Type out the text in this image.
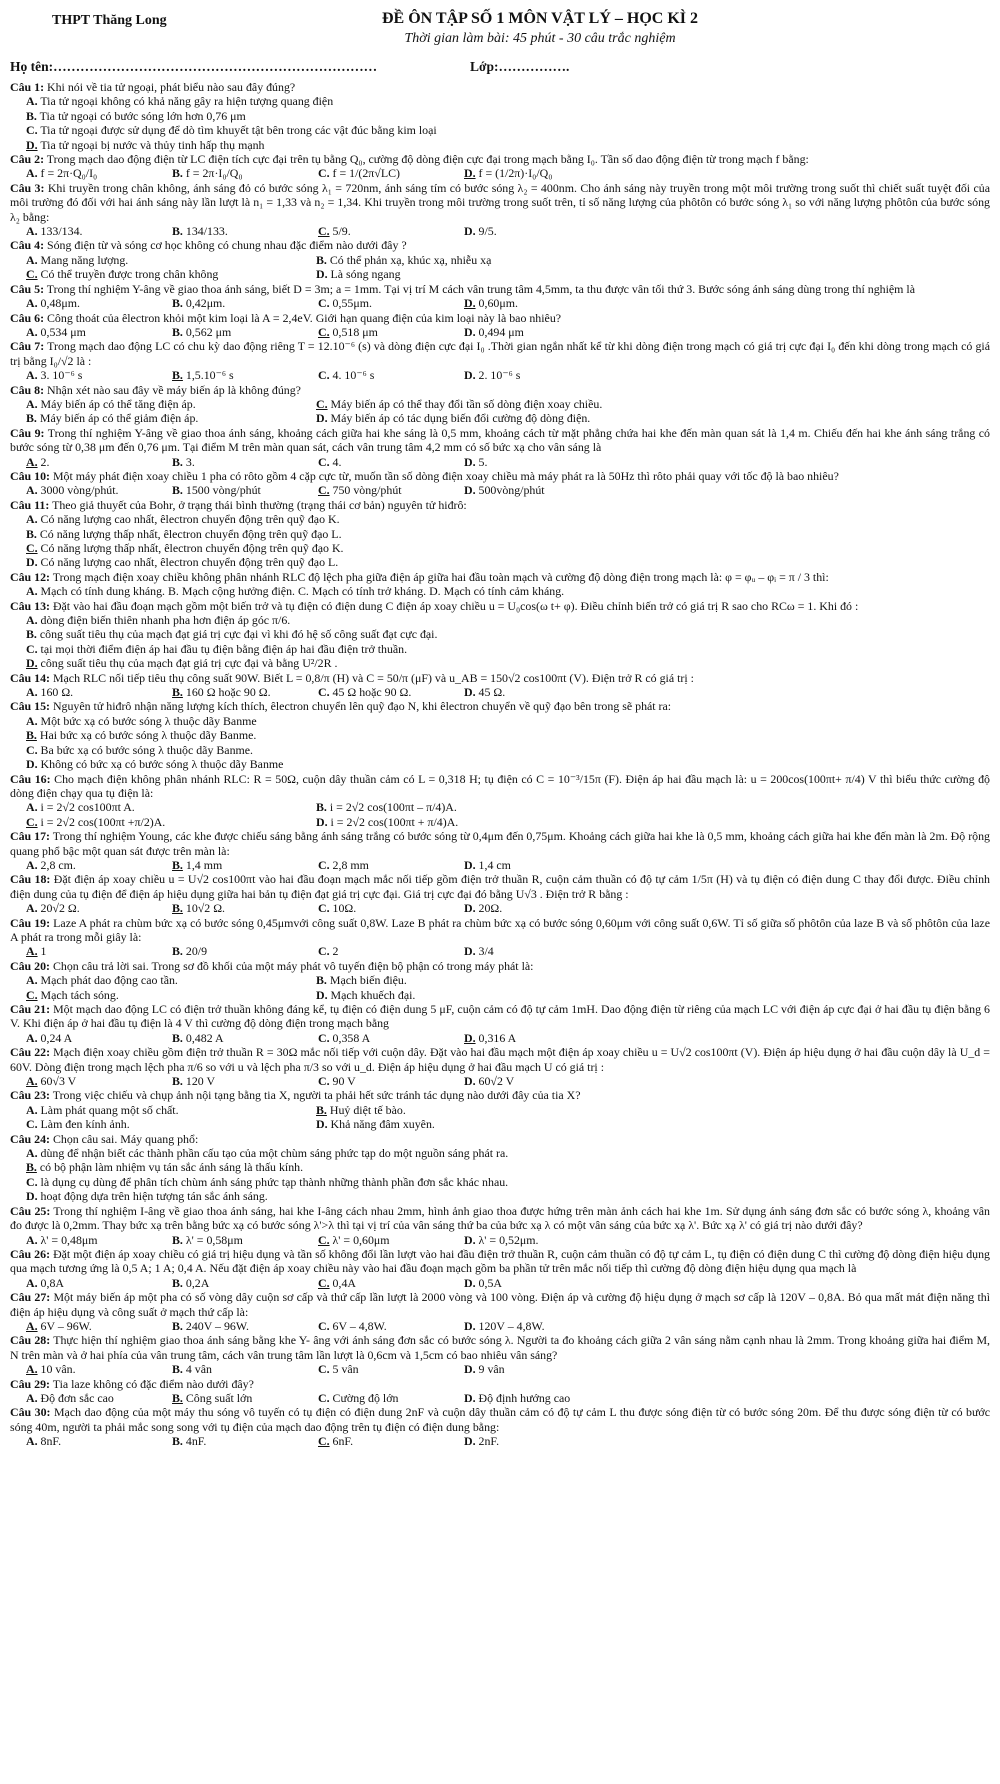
THPT Thăng Long	ĐỀ ÔN TẬP SỐ 1 MÔN VẬT LÝ – HỌC KÌ 2
Thời gian làm bài: 45 phút - 30 câu trắc nghiệm
Họ tên:………………………………………………………………	Lớp:…………….
Câu 1: Khi nói về tia tử ngoại, phát biểu nào sau đây đúng?
A. Tia tử ngoại không có khả năng gây ra hiện tượng quang điện
B. Tia tử ngoại có bước sóng lớn hơn 0,76 μm
C. Tia tử ngoại được sử dụng để dò tìm khuyết tật bên trong các vật đúc bằng kim loại
D. Tia tử ngoại bị nước và thủy tinh hấp thụ mạnh
Câu 2: Trong mạch dao động điện từ LC điện tích cực đại trên tụ bằng Q₀, cường độ dòng điện cực đại trong mạch bằng I₀. Tần số dao động điện từ trong mạch f bằng:
A. f = 2π·Q₀/I₀	B. f = 2π·I₀/Q₀	C. f = 1/(2π√LC)	D. f = (1/2π)·I₀/Q₀
Câu 3: Khi truyền trong chân không, ánh sáng đỏ có bước sóng λ₁ = 720nm, ánh sáng tím có bước sóng λ₂ = 400nm. Cho ánh sáng này truyền trong một môi trường trong suốt thì chiết suất tuyệt đối của môi trường đó đối với hai ánh sáng này lần lượt là n₁ = 1,33 và n₂ = 1,34. Khi truyền trong môi trường trong suốt trên, tỉ số năng lượng của phôtôn có bước sóng λ₁ so với năng lượng phôtôn của bước sóng λ₂ bằng:
A. 133/134.	B. 134/133.	C. 5/9.	D. 9/5.
Câu 4: Sóng điện từ và sóng cơ học không có chung nhau đặc điểm nào dưới đây ?
A. Mang năng lượng.	B. Có thể phản xạ, khúc xạ, nhiễu xạ
C. Có thể truyền được trong chân không	D. Là sóng ngang
Câu 5: Trong thí nghiệm Y-âng về giao thoa ánh sáng, biết D = 3m; a = 1mm. Tại vị trí M cách vân trung tâm 4,5mm, ta thu được vân tối thứ 3. Bước sóng ánh sáng dùng trong thí nghiệm là
A. 0,48μm.	B. 0,42μm.	C. 0,55μm.	D. 0,60μm.
Câu 6: Công thoát của êlectron khỏi một kim loại là A = 2,4eV. Giới hạn quang điện của kim loại này là bao nhiêu?
A. 0,534 μm	B. 0,562 μm	C. 0,518 μm	D. 0,494 μm
Câu 7: Trong mạch dao động LC có chu kỳ dao động riêng T = 12.10⁻⁶ (s) và dòng điện cực đại I₀ .Thời gian ngắn nhất kể từ khi dòng điện trong mạch có giá trị cực đại I₀ đến khi dòng trong mạch có giá trị bằng I₀/√2 là :
A. 3. 10⁻⁶ s	B. 1,5.10⁻⁶ s	C. 4. 10⁻⁶ s	D. 2. 10⁻⁶ s
Câu 8: Nhận xét nào sau đây về máy biến áp là không đúng?
A. Máy biến áp có thể tăng điện áp.	C. Máy biến áp có thể thay đổi tần số dòng điện xoay chiều.
B. Máy biến áp có thể giảm điện áp.	D. Máy biến áp có tác dụng biến đổi cường độ dòng điện.
Câu 9: Trong thí nghiệm Y-âng về giao thoa ánh sáng, khoảng cách giữa hai khe sáng là 0,5 mm, khoảng cách từ mặt phẳng chứa hai khe đến màn quan sát là 1,4 m. Chiếu đến hai khe ánh sáng trắng có bước sóng từ 0,38 μm đến 0,76 μm. Tại điểm M trên màn quan sát, cách vân trung tâm 4,2 mm có số bức xạ cho vân sáng là
A. 2.	B. 3.	C. 4.	D. 5.
Câu 10: Một máy phát điện xoay chiều 1 pha có rôto gồm 4 cặp cực từ, muốn tần số dòng điện xoay chiều mà máy phát ra là 50Hz thì rôto phải quay với tốc độ là bao nhiêu?
A. 3000 vòng/phút.	B. 1500 vòng/phút	C. 750 vòng/phút	D. 500vòng/phút
Câu 11: Theo giả thuyết của Bohr, ở trạng thái bình thường (trạng thái cơ bản) nguyên tử hiđrô:
A. Có năng lượng cao nhất, êlectron chuyển động trên quỹ đạo K.
B. Có năng lượng thấp nhất, êlectron chuyển động trên quỹ đạo L.
C. Có năng lượng thấp nhất, êlectron chuyển động trên quỹ đạo K.
D. Có năng lượng cao nhất, êlectron chuyển động trên quỹ đạo L.
Câu 12: Trong mạch điện xoay chiều không phân nhánh RLC độ lệch pha giữa điện áp giữa hai đầu toàn mạch và cường độ dòng điện trong mạch là: φ = φᵤ – φᵢ = π / 3 thì:
A. Mạch có tính dung kháng. B. Mạch cộng hưởng điện. C. Mạch có tính trở kháng. D. Mạch có tính cảm kháng.
Câu 13: Đặt vào hai đầu đoạn mạch gồm một biến trở và tụ điện có điện dung C điện áp xoay chiều u = U₀cos(ω t+ φ). Điều chỉnh biến trở có giá trị R sao cho RCω = 1. Khi đó :
A. dòng điện biến thiên nhanh pha hơn điện áp góc π/6.
B. công suất tiêu thụ của mạch đạt giá trị cực đại vì khi đó hệ số công suất đạt cực đại.
C. tại mọi thời điểm điện áp hai đầu tụ điện bằng điện áp hai đầu điện trở thuần.
D. công suất tiêu thụ của mạch đạt giá trị cực đại và bằng U²/2R .
Câu 14: Mạch RLC nối tiếp tiêu thụ công suất 90W. Biết L = 0,8/π (H) và C = 50/π (μF) và u_AB = 150√2 cos100πt (V). Điện trở R có giá trị :
A. 160 Ω.	B. 160 Ω hoặc 90 Ω.	C. 45 Ω hoặc 90 Ω.	D. 45 Ω.
Câu 15: Nguyên tử hiđrô nhận năng lượng kích thích, êlectron chuyển lên quỹ đạo N, khi êlectron chuyển về quỹ đạo bên trong sẽ phát ra:
A. Một bức xạ có bước sóng λ thuộc dãy Banme
B. Hai bức xạ có bước sóng λ thuộc dãy Banme.
C. Ba bức xạ có bước sóng λ thuộc dãy Banme.
D. Không có bức xạ có bước sóng λ thuộc dãy Banme
Câu 16: Cho mạch điện không phân nhánh RLC: R = 50Ω, cuộn dây thuần cảm có L = 0,318 H; tụ điện có C = 10⁻³/15π (F). Điện áp hai đầu mạch là: u = 200cos(100πt+ π/4) V thì biểu thức cường độ dòng điện chạy qua tụ điện là:
A. i = 2√2 cos100πt A.	B. i = 2√2 cos(100πt – π/4)A.
C. i = 2√2 cos(100πt +π/2)A.	D. i = 2√2 cos(100πt + π/4)A.
Câu 17: Trong thí nghiệm Young, các khe được chiếu sáng bằng ánh sáng trắng có bước sóng từ 0,4μm đến 0,75μm. Khoảng cách giữa hai khe là 0,5 mm, khoảng cách giữa hai khe đến màn là 2m. Độ rộng quang phổ bậc một quan sát được trên màn là:
A. 2,8 cm.	B. 1,4 mm	C. 2,8 mm	D. 1,4 cm
Câu 18: Đặt điện áp xoay chiều u = U√2 cos100πt vào hai đầu đoạn mạch mắc nối tiếp gồm điện trở thuần R, cuộn cảm thuần có độ tự cảm 1/5π (H) và tụ điện có điện dung C thay đổi được. Điều chỉnh điện dung của tụ điện để điện áp hiệu dụng giữa hai bản tụ điện đạt giá trị cực đại. Giá trị cực đại đó bằng U√3 . Điện trở R bằng :
A. 20√2 Ω.	B. 10√2 Ω.	C. 10Ω.	D. 20Ω.
Câu 19: Laze A phát ra chùm bức xạ có bước sóng 0,45μmvới công suất 0,8W. Laze B phát ra chùm bức xạ có bước sóng 0,60μm với công suất 0,6W. Tỉ số giữa số phôtôn của laze B và số phôtôn của laze A phát ra trong mỗi giây là:
A. 1	B. 20/9	C. 2	D. 3/4
Câu 20: Chọn câu trả lời sai. Trong sơ đồ khối của một máy phát vô tuyến điện bộ phận có trong máy phát là:
A. Mạch phát dao động cao tần.	B. Mạch biến điệu.
C. Mạch tách sóng.	D. Mạch khuếch đại.
Câu 21: Một mạch dao động LC có điện trở thuần không đáng kể, tụ điện có điện dung 5 μF, cuộn cảm có độ tự cảm 1mH. Dao động điện từ riêng của mạch LC với điện áp cực đại ở hai đầu tụ điện bằng 6 V. Khi điện áp ở hai đầu tụ điện là 4 V thì cường độ dòng điện trong mạch bằng
A. 0,24 A	B. 0,482 A	C. 0,358 A	D. 0,316 A
Câu 22: Mạch điện xoay chiều gồm điện trở thuần R = 30Ω mắc nối tiếp với cuộn dây. Đặt vào hai đầu mạch một điện áp xoay chiều u = U√2 cos100πt (V). Điện áp hiệu dụng ở hai đầu cuộn dây là U_d = 60V. Dòng điện trong mạch lệch pha π/6 so với u và lệch pha π/3 so với u_d. Điện áp hiệu dụng ở hai đầu mạch U có giá trị :
A. 60√3 V	B. 120 V	C. 90 V	D. 60√2 V
Câu 23: Trong việc chiếu và chụp ảnh nội tạng bằng tia X, người ta phải hết sức tránh tác dụng nào dưới đây của tia X?
A. Làm phát quang một số chất.	B. Huỷ diệt tế bào.
C. Làm đen kính ảnh.	D. Khả năng đâm xuyên.
Câu 24: Chọn câu sai. Máy quang phổ:
A. dùng để nhận biết các thành phần cấu tạo của một chùm sáng phức tạp do một nguồn sáng phát ra.
B. có bộ phận làm nhiệm vụ tán sắc ánh sáng là thấu kính.
C. là dụng cụ dùng để phân tích chùm ánh sáng phức tạp thành những thành phần đơn sắc khác nhau.
D. hoạt động dựa trên hiện tượng tán sắc ánh sáng.
Câu 25: Trong thí nghiệm I-âng về giao thoa ánh sáng, hai khe I-âng cách nhau 2mm, hình ảnh giao thoa được hứng trên màn ảnh cách hai khe 1m. Sử dụng ánh sáng đơn sắc có bước sóng λ, khoảng vân đo được là 0,2mm. Thay bức xạ trên bằng bức xạ có bước sóng λ'>λ thì tại vị trí của vân sáng thứ ba của bức xạ λ có một vân sáng của bức xạ λ'. Bức xạ λ' có giá trị nào dưới đây?
A. λ' = 0,48μm	B. λ' = 0,58μm	C. λ' = 0,60μm	D. λ' = 0,52μm.
Câu 26: Đặt một điện áp xoay chiều có giá trị hiệu dụng và tần số không đổi lần lượt vào hai đầu điện trở thuần R, cuộn cảm thuần có độ tự cảm L, tụ điện có điện dung C thì cường độ dòng điện hiệu dụng qua mạch tương ứng là 0,5 A; 1 A; 0,4 A. Nếu đặt điện áp xoay chiều này vào hai đầu đoạn mạch gồm ba phần tử trên mắc nối tiếp thì cường độ dòng điện hiệu dụng qua mạch là
A. 0,8A	B. 0,2A	C. 0,4A	D. 0,5A
Câu 27: Một máy biến áp một pha có số vòng dây cuộn sơ cấp và thứ cấp lần lượt là 2000 vòng và 100 vòng. Điện áp và cường độ hiệu dụng ở mạch sơ cấp là 120V – 0,8A. Bỏ qua mất mát điện năng thì điện áp hiệu dụng và công suất ở mạch thứ cấp là:
A. 6V – 96W.	B. 240V – 96W.	C. 6V – 4,8W.	D. 120V – 4,8W.
Câu 28: Thực hiện thí nghiệm giao thoa ánh sáng bằng khe Y- âng với ánh sáng đơn sắc có bước sóng λ. Người ta đo khoảng cách giữa 2 vân sáng nằm cạnh nhau là 2mm. Trong khoảng giữa hai điểm M, N trên màn và ở hai phía của vân trung tâm, cách vân trung tâm lần lượt là 0,6cm và 1,5cm có bao nhiêu vân sáng?
A. 10 vân.	B. 4 vân	C. 5 vân	D. 9 vân
Câu 29: Tia laze không có đặc điểm nào dưới đây?
A. Độ đơn sắc cao	B. Công suất lớn	C. Cường độ lớn	D. Độ định hướng cao
Câu 30: Mạch dao động của một máy thu sóng vô tuyến có tụ điện có điện dung 2nF và cuộn dây thuần cảm có độ tự cảm L thu được sóng điện từ có bước sóng 20m. Để thu được sóng điện từ có bước sóng 40m, người ta phải mắc song song với tụ điện của mạch dao động trên tụ điện có điện dung bằng:
A. 8nF.	B. 4nF.	C. 6nF.	D. 2nF.
